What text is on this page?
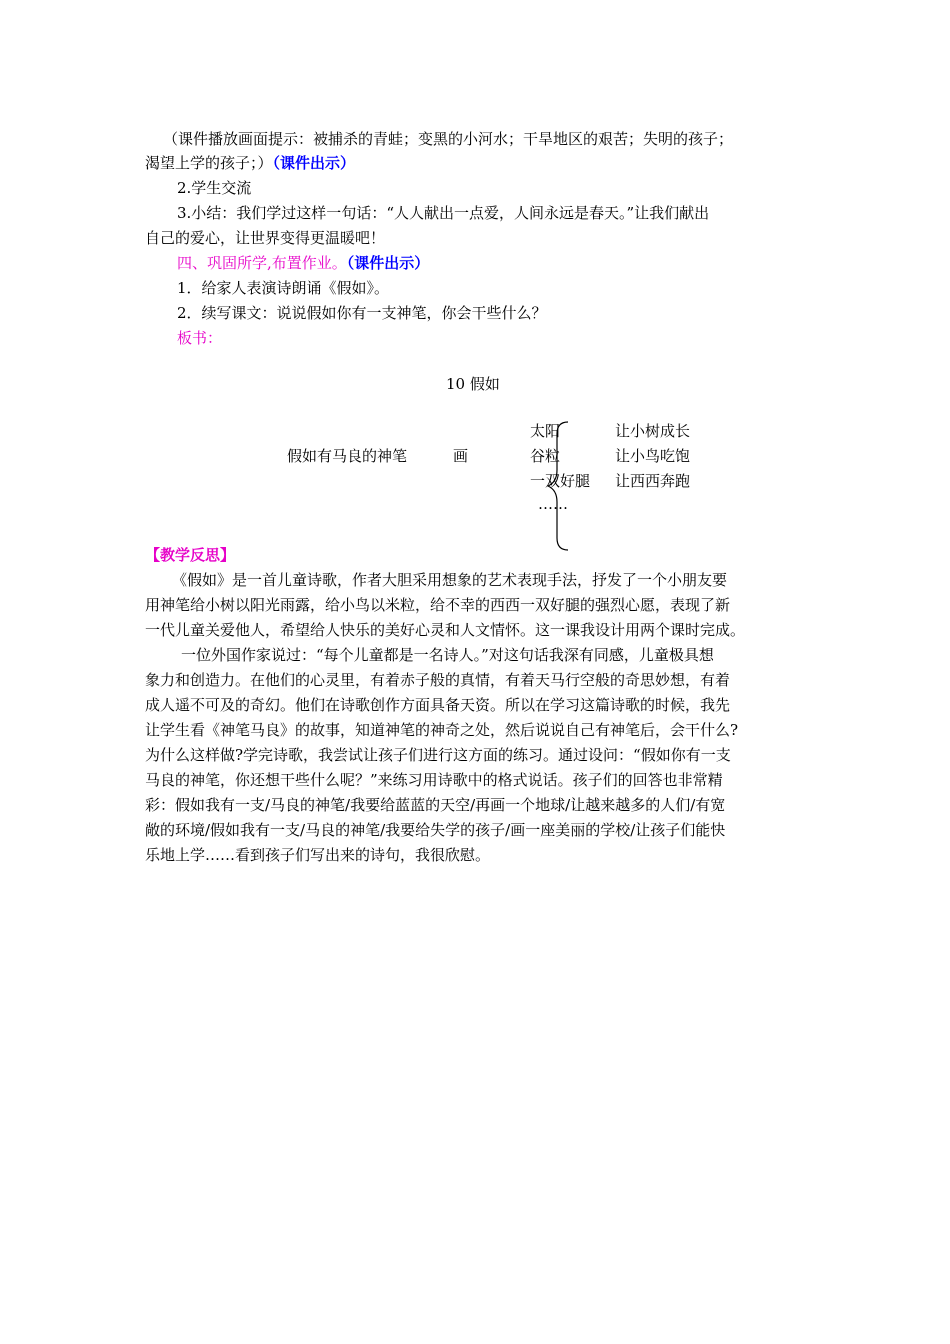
（课件播放画面提示：被捕杀的青蛙；变黑的小河水；干旱地区的艰苦；失明的孩子；
渴望上学的孩子；）（课件出示）
2.学生交流
3.小结：我们学过这样一句话：“人人献出一点爱，人间永远是春天。”让我们献出
自己的爱心，让世界变得更温暖吧！
四、巩固所学,布置作业。（课件出示）
1．给家人表演诗朗诵《假如》。
2．续写课文：说说假如你有一支神笔，你会干些什么？
板书：
10 假如
假如有马良的神笔	画
太阳
谷粒
一双好腿
……
让小树成长
让小鸟吃饱
让西西奔跑
【教学反思】
《假如》是一首儿童诗歌，作者大胆采用想象的艺术表现手法，抒发了一个小朋友要
用神笔给小树以阳光雨露，给小鸟以米粒，给不幸的西西一双好腿的强烈心愿，表现了新
一代儿童关爱他人，希望给人快乐的美好心灵和人文情怀。这一课我设计用两个课时完成。
一位外国作家说过：“每个儿童都是一名诗人。”对这句话我深有同感，儿童极具想
象力和创造力。在他们的心灵里，有着赤子般的真情，有着天马行空般的奇思妙想，有着
成人遥不可及的奇幻。他们在诗歌创作方面具备天资。所以在学习这篇诗歌的时候，我先
让学生看《神笔马良》的故事，知道神笔的神奇之处，然后说说自己有神笔后，会干什么?
为什么这样做?学完诗歌，我尝试让孩子们进行这方面的练习。通过设问：“假如你有一支
马良的神笔，你还想干些什么呢？”来练习用诗歌中的格式说话。孩子们的回答也非常精
彩：假如我有一支/马良的神笔/我要给蓝蓝的天空/再画一个地球/让越来越多的人们/有宽
敞的环境/假如我有一支/马良的神笔/我要给失学的孩子/画一座美丽的学校/让孩子们能快
乐地上学……看到孩子们写出来的诗句，我很欣慰。
